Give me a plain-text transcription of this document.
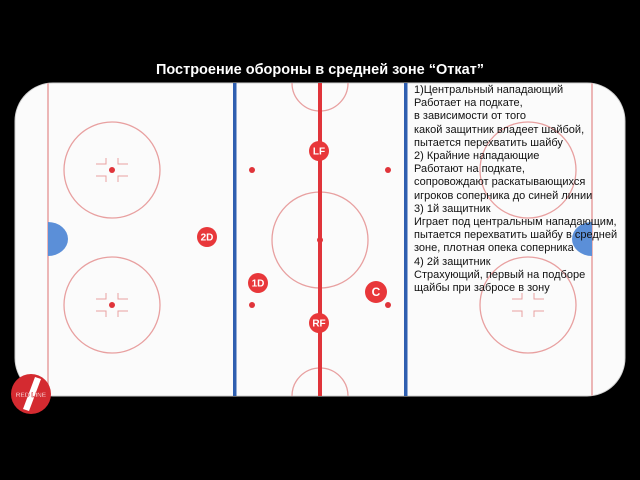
Построение обороны в средней зоне “Откат”
LF
RF
C
1D
2D
1)Центральный нападающий
Работает на подкате,
в зависимости от того
какой защитник владеет шайбой,
пытается перехватить шайбу
2) Крайние нападающие
Работают на подкате,
сопровождают раскатывающихся
игроков соперника до синей линии
3) 1й защитник
Играет под центральным нападающим,
пытается перехватить шайбу в средней
зоне, плотная опека соперника
4) 2й защитник
Страхующий, первый на подборе
щайбы при забросе в зону
RED LINE
